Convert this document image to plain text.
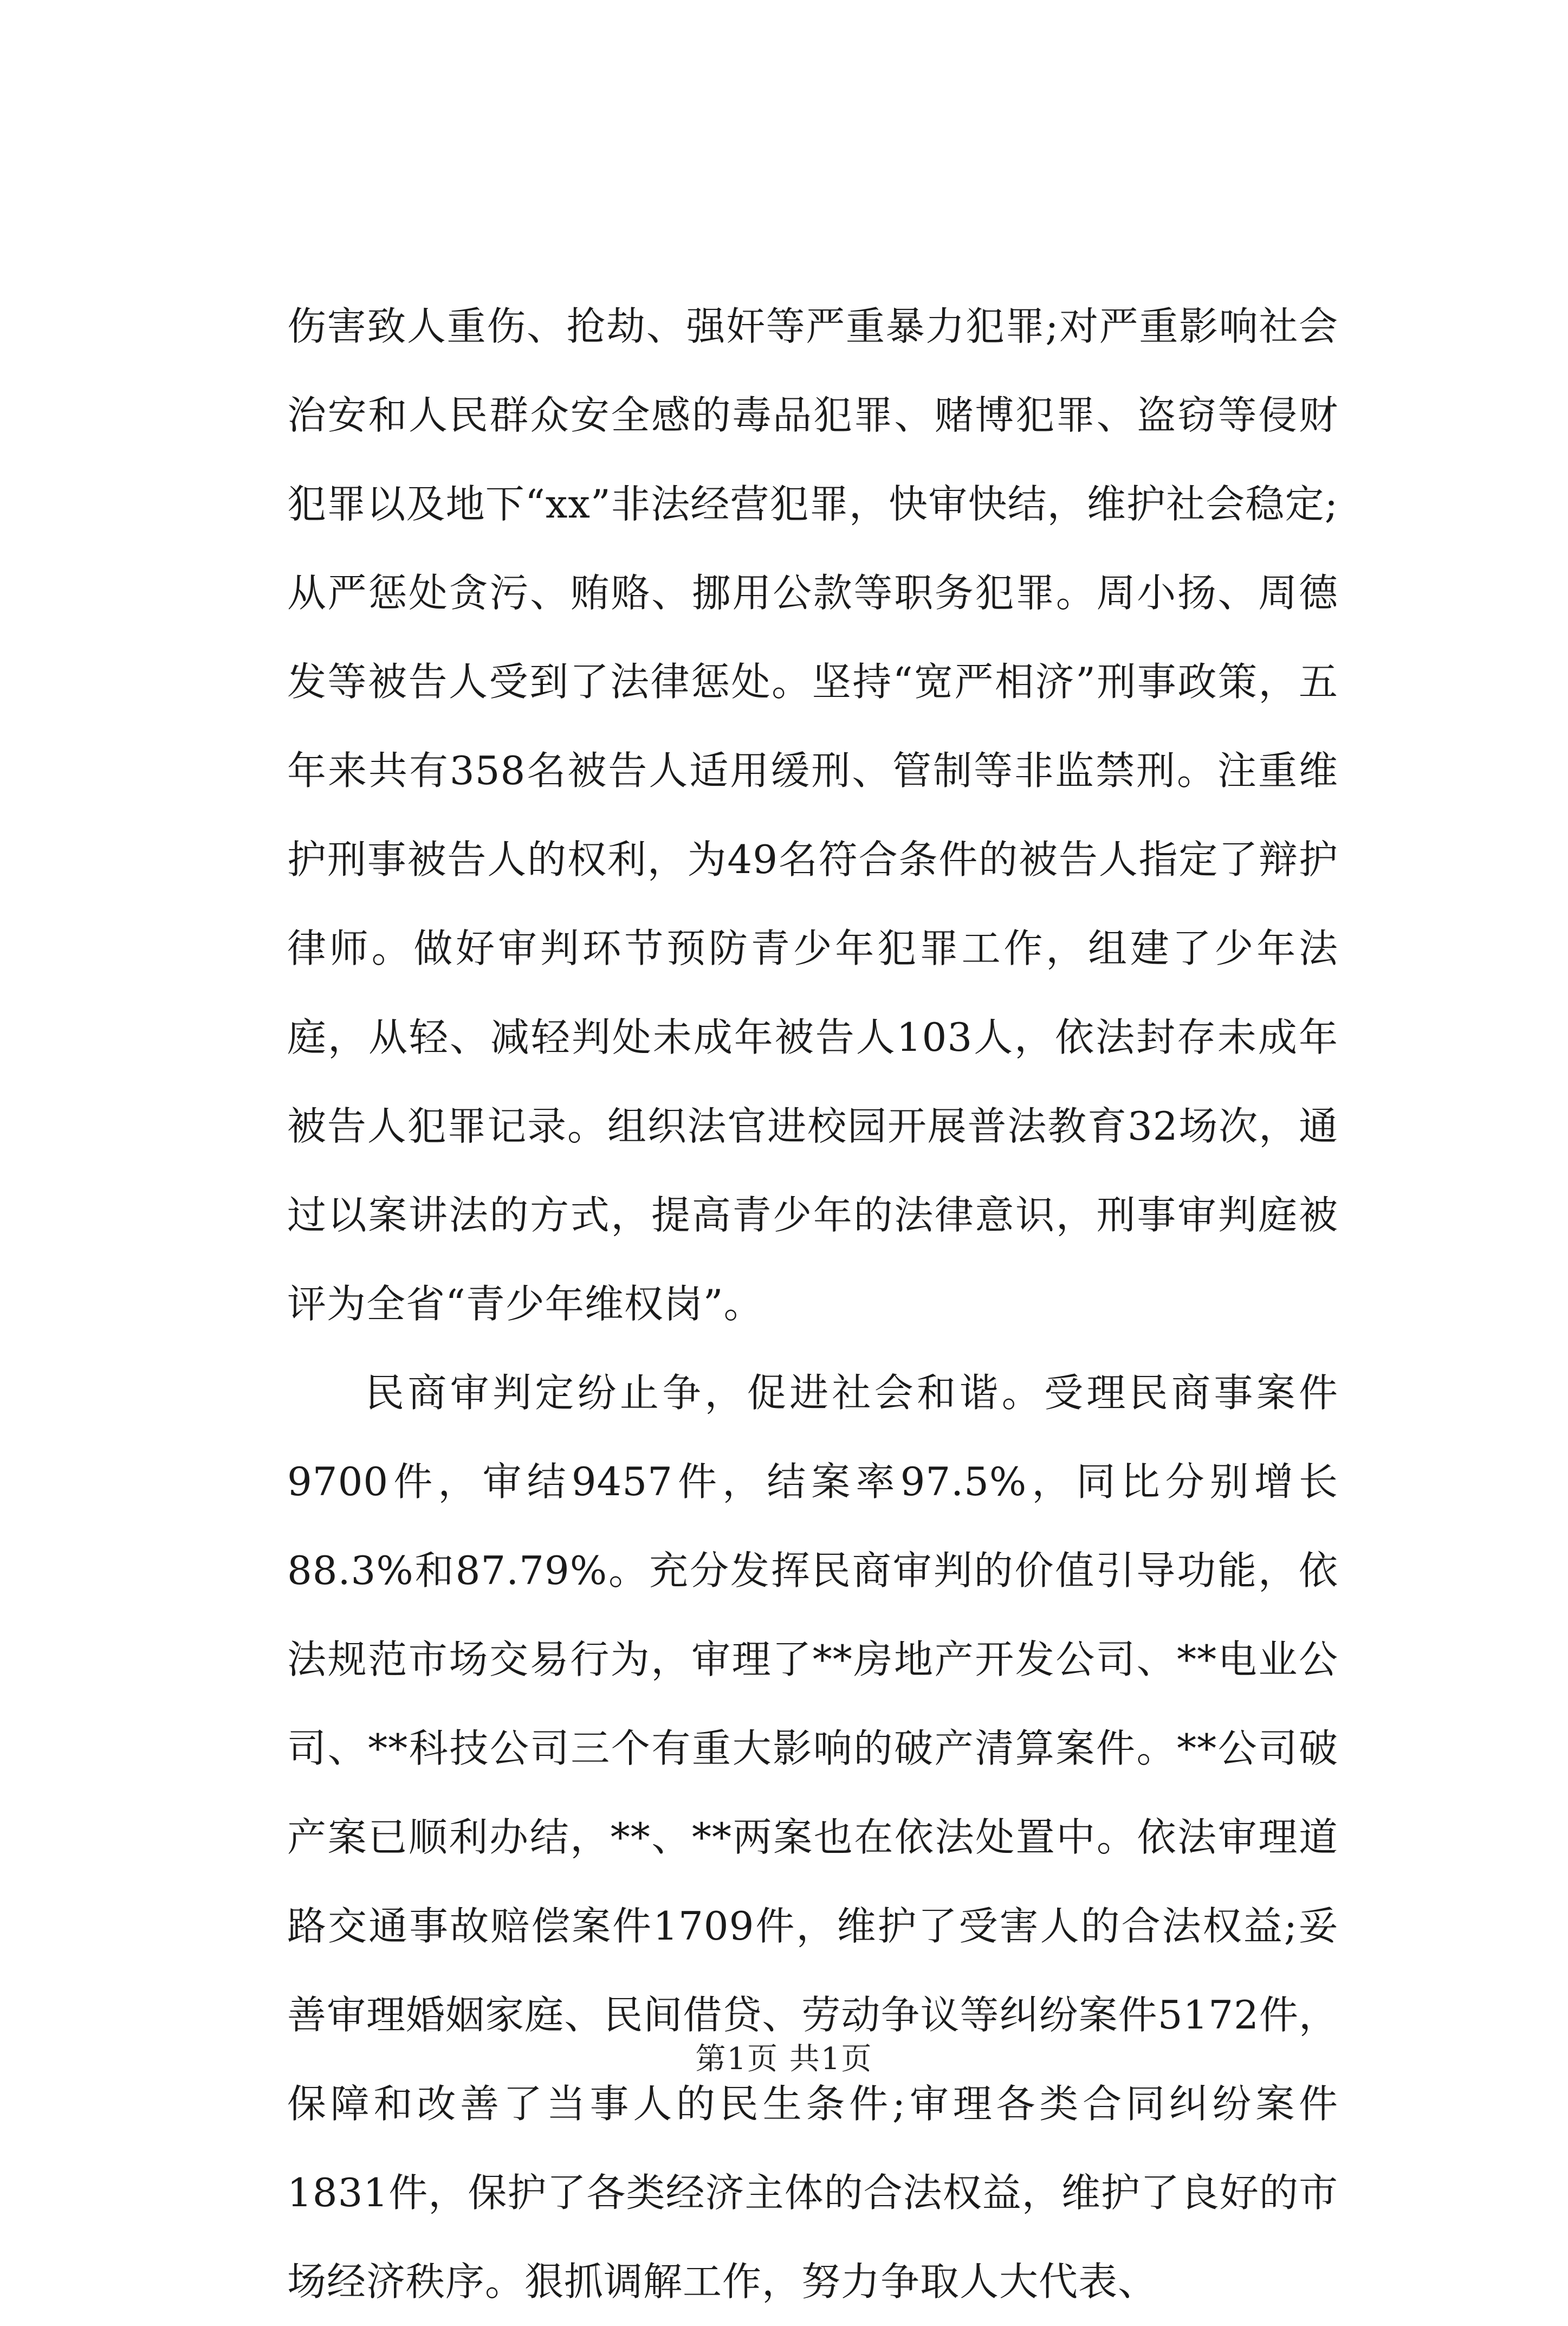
伤害致人重伤、抢劫、强奸等严重暴力犯罪;对严重影响社会治安和人民群众安全感的毒品犯罪、赌博犯罪、盗窃等侵财犯罪以及地下“xx”非法经营犯罪，快审快结，维护社会稳定;从严惩处贪污、贿赂、挪用公款等职务犯罪。周小扬、周德发等被告人受到了法律惩处。坚持“宽严相济”刑事政策，五年来共有358名被告人适用缓刑、管制等非监禁刑。注重维护刑事被告人的权利，为49名符合条件的被告人指定了辩护律师。做好审判环节预防青少年犯罪工作，组建了少年法庭，从轻、减轻判处未成年被告人103人，依法封存未成年被告人犯罪记录。组织法官进校园开展普法教育32场次，通过以案讲法的方式，提高青少年的法律意识，刑事审判庭被评为全省“青少年维权岗”。

民商审判定纷止争，促进社会和谐。受理民商事案件9700件，审结9457件，结案率97.5%，同比分别增长88.3%和87.79%。充分发挥民商审判的价值引导功能，依法规范市场交易行为，审理了**房地产开发公司、**电业公司、**科技公司三个有重大影响的破产清算案件。**公司破产案已顺利办结，**、**两案也在依法处置中。依法审理道路交通事故赔偿案件1709件，维护了受害人的合法权益;妥善审理婚姻家庭、民间借贷、劳动争议等纠纷案件5172件，保障和改善了当事人的民生条件;审理各类合同纠纷案件1831件，保护了各类经济主体的合法权益，维护了良好的市场经济秩序。狠抓调解工作，努力争取人大代表、

第1页 共1页
